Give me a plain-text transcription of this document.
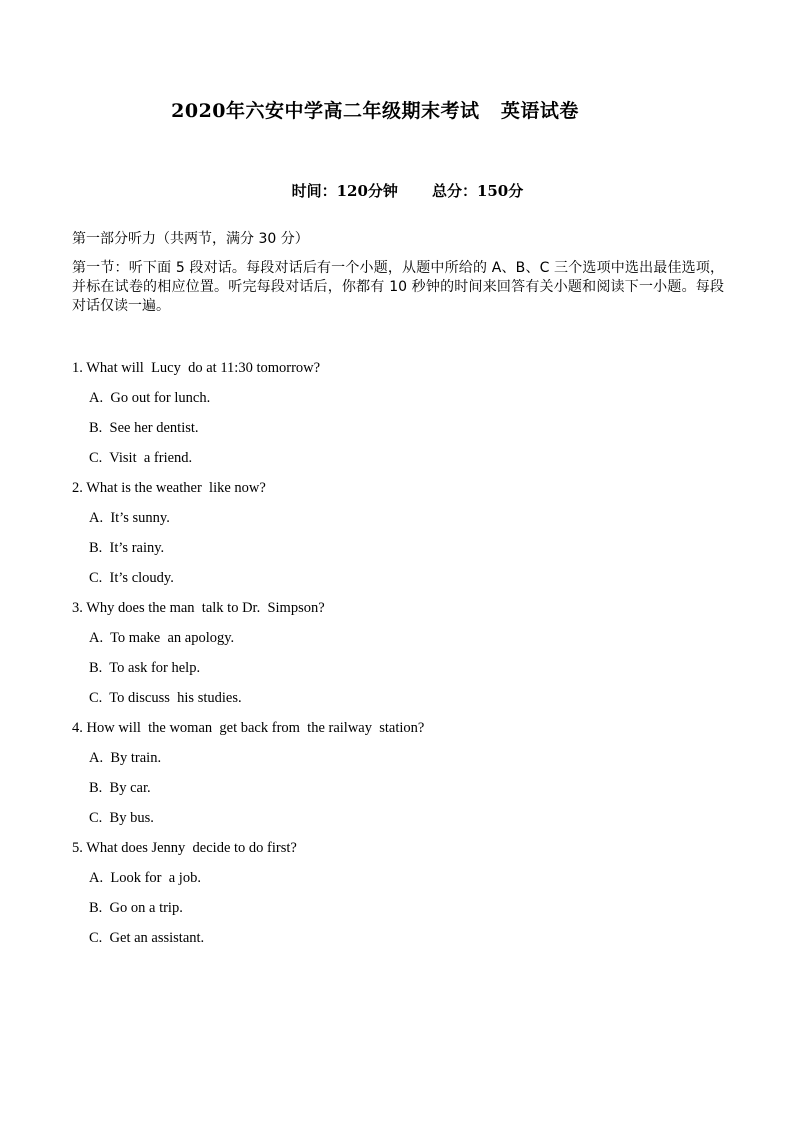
2020年六安中学高二年级期末考试   英语试卷

时间：120分钟 总分：150分

第一部分听力（共两节，满分 30 分）
第一节：听下面 5 段对话。每段对话后有一个小题，从题中所给的 A、B、C 三个选项中选出最佳选项，并标在试卷的相应位置。听完每段对话后，你都有 10 秒钟的时间来回答有关小题和阅读下一小题。每段对话仅读一遍。
1. What will  Lucy  do at 11:30 tomorrow?
A.  Go out for lunch.
B.  See her dentist.
C.  Visit  a friend.
2. What is the weather  like now?
A.  It’s sunny.
B.  It’s rainy.
C.  It’s cloudy.
3. Why does the man  talk to Dr.  Simpson?
A.  To make  an apology.
B.  To ask for help.
C.  To discuss  his studies.
4. How will  the woman  get back from  the railway  station?
A.  By train.
B.  By car.
C.  By bus.
5. What does Jenny  decide to do first?
A.  Look for  a job.
B.  Go on a trip.
C.  Get an assistant.
